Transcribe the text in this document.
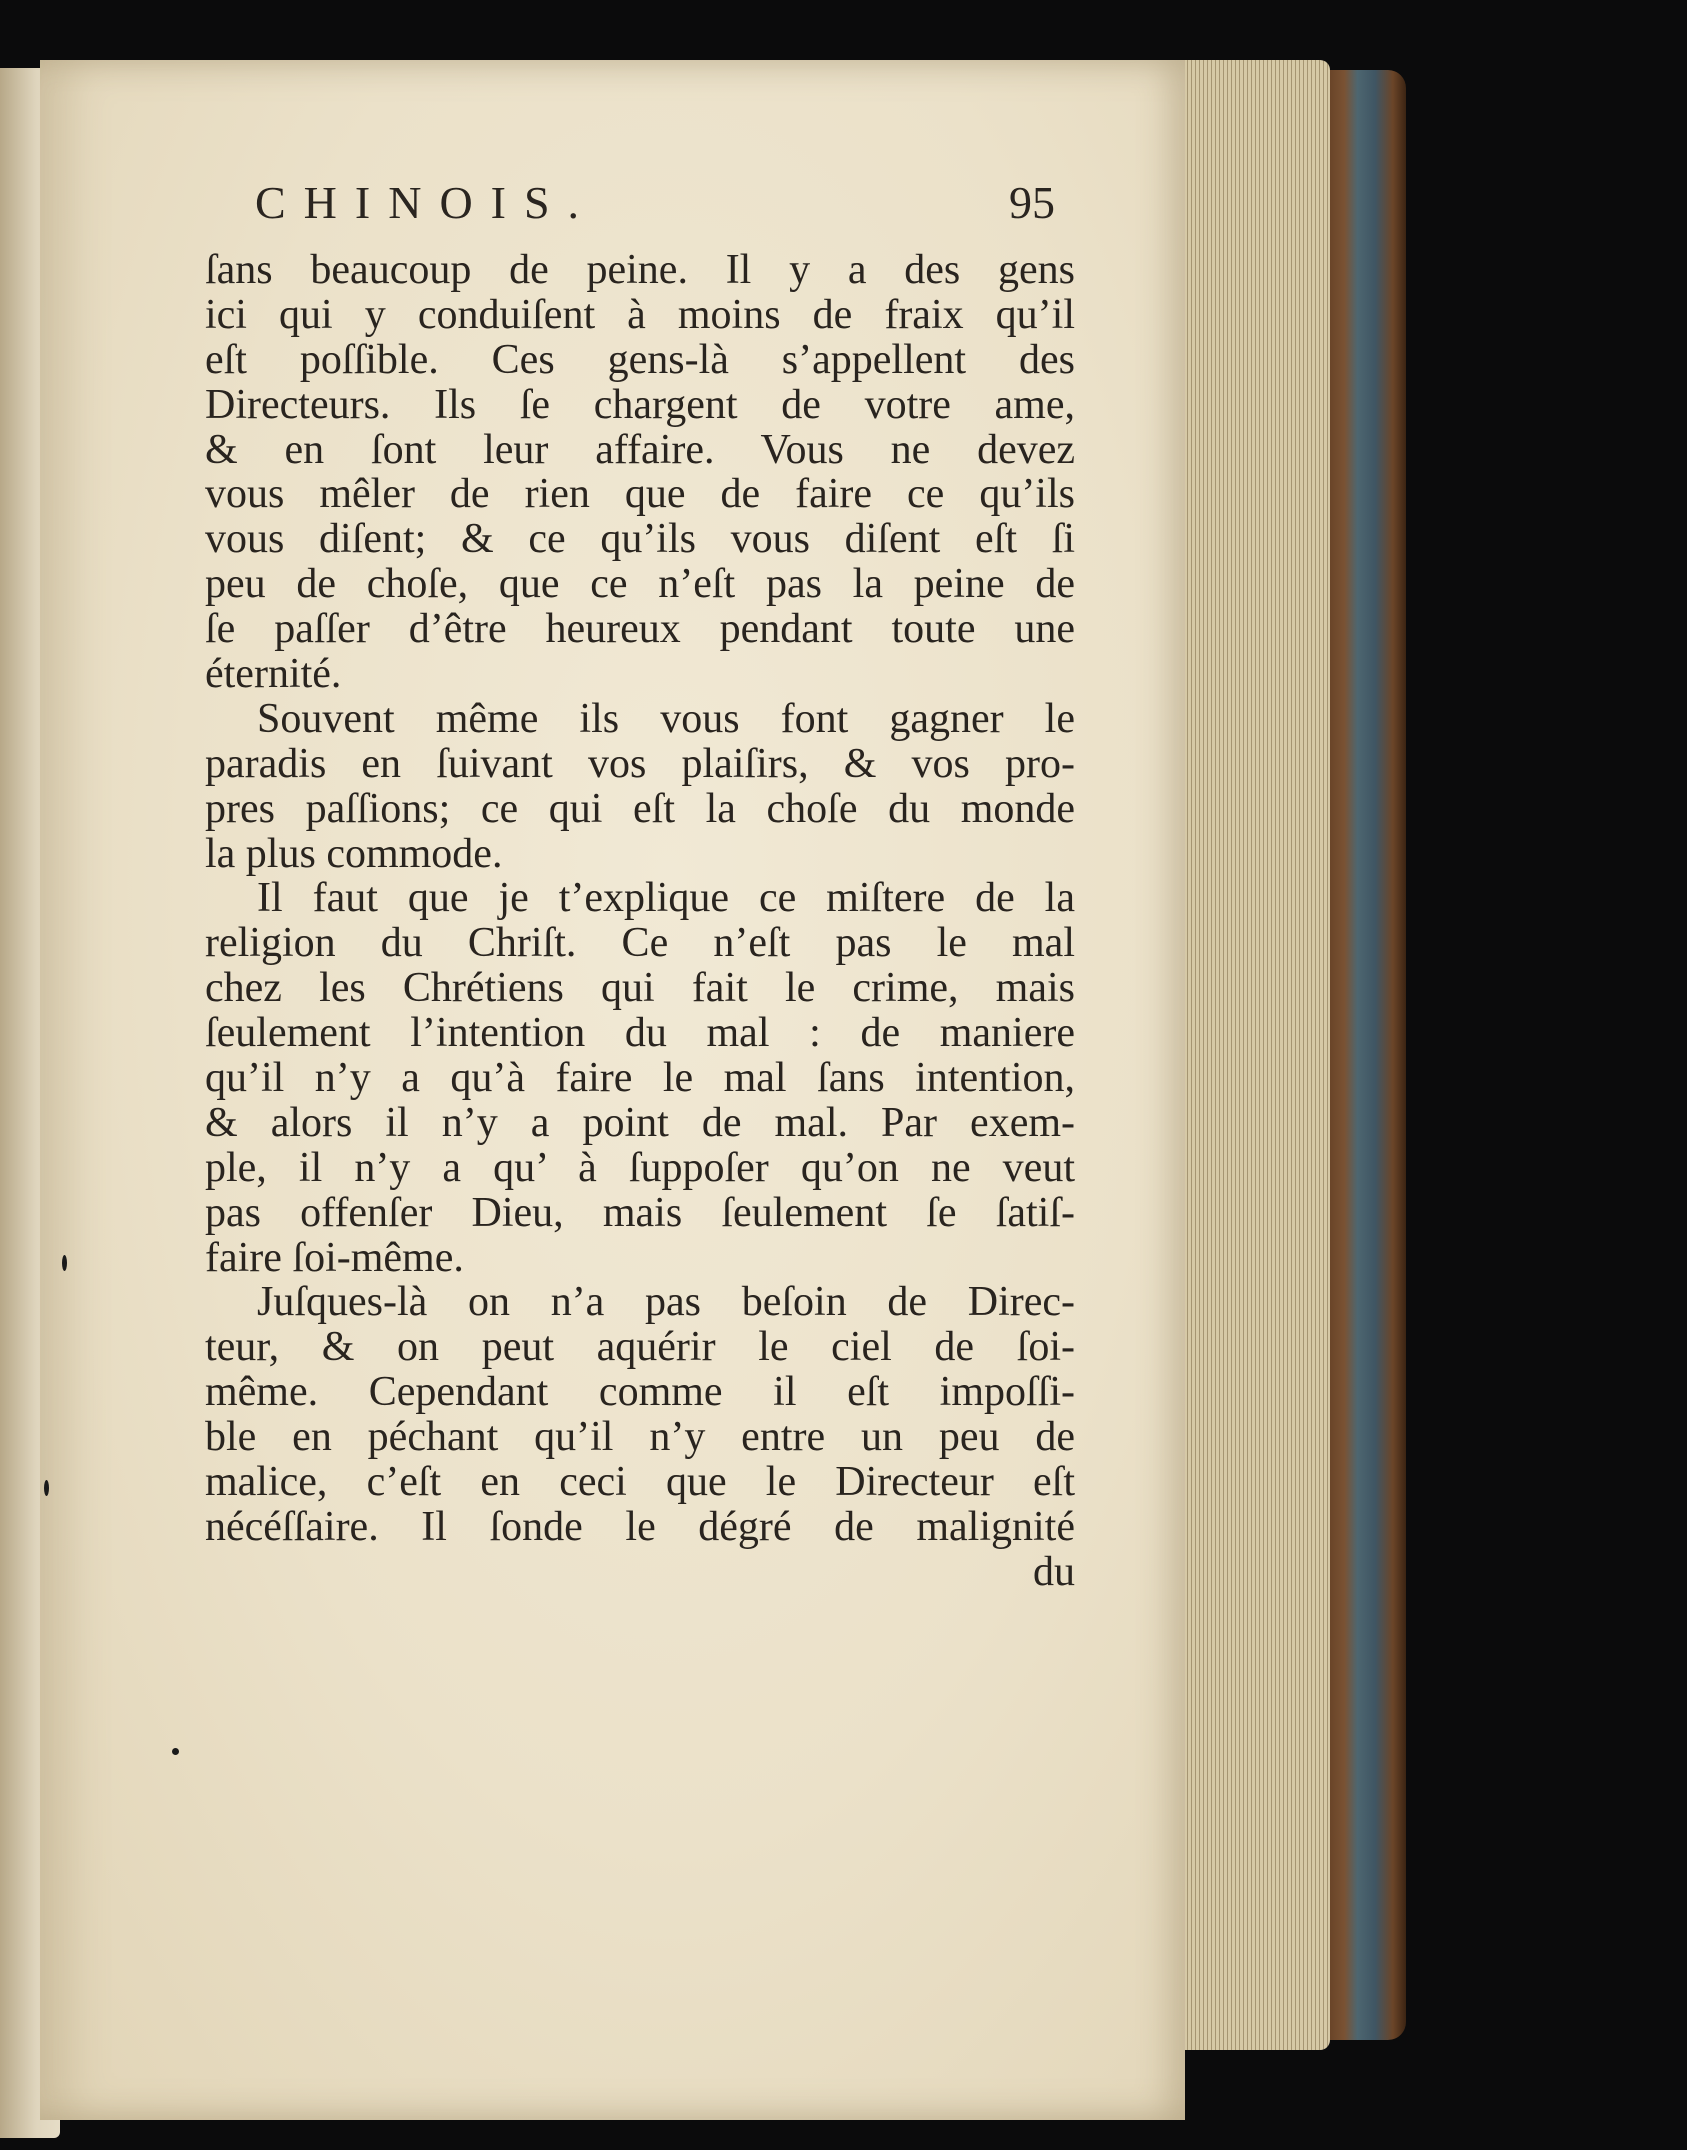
CHINOIS.	95
ſans beaucoup de peine. Il y a des gens
ici qui y conduiſent à moins de fraix qu’il
eſt poſſible. Ces gens-là s’appellent des
Directeurs. Ils ſe chargent de votre ame,
& en ſont leur affaire. Vous ne devez
vous mêler de rien que de faire ce qu’ils
vous diſent; & ce qu’ils vous diſent eſt ſi
peu de choſe, que ce n’eſt pas la peine de
ſe paſſer d’être heureux pendant toute une
éternité.
Souvent même ils vous font gagner le
paradis en ſuivant vos plaiſirs, & vos pro-
pres paſſions; ce qui eſt la choſe du monde
la plus commode.
Il faut que je t’explique ce miſtere de la
religion du Chriſt. Ce n’eſt pas le mal
chez les Chrétiens qui fait le crime, mais
ſeulement l’intention du mal : de maniere
qu’il n’y a qu’à faire le mal ſans intention,
& alors il n’y a point de mal. Par exem-
ple, il n’y a qu’ à ſuppoſer qu’on ne veut
pas offenſer Dieu, mais ſeulement ſe ſatiſ-
faire ſoi-même.
Juſques-là on n’a pas beſoin de Direc-
teur, & on peut aquérir le ciel de ſoi-
même. Cependant comme il eſt impoſſi-
ble en péchant qu’il n’y entre un peu de
malice, c’eſt en ceci que le Directeur eſt
nécéſſaire. Il ſonde le dégré de malignité
du
